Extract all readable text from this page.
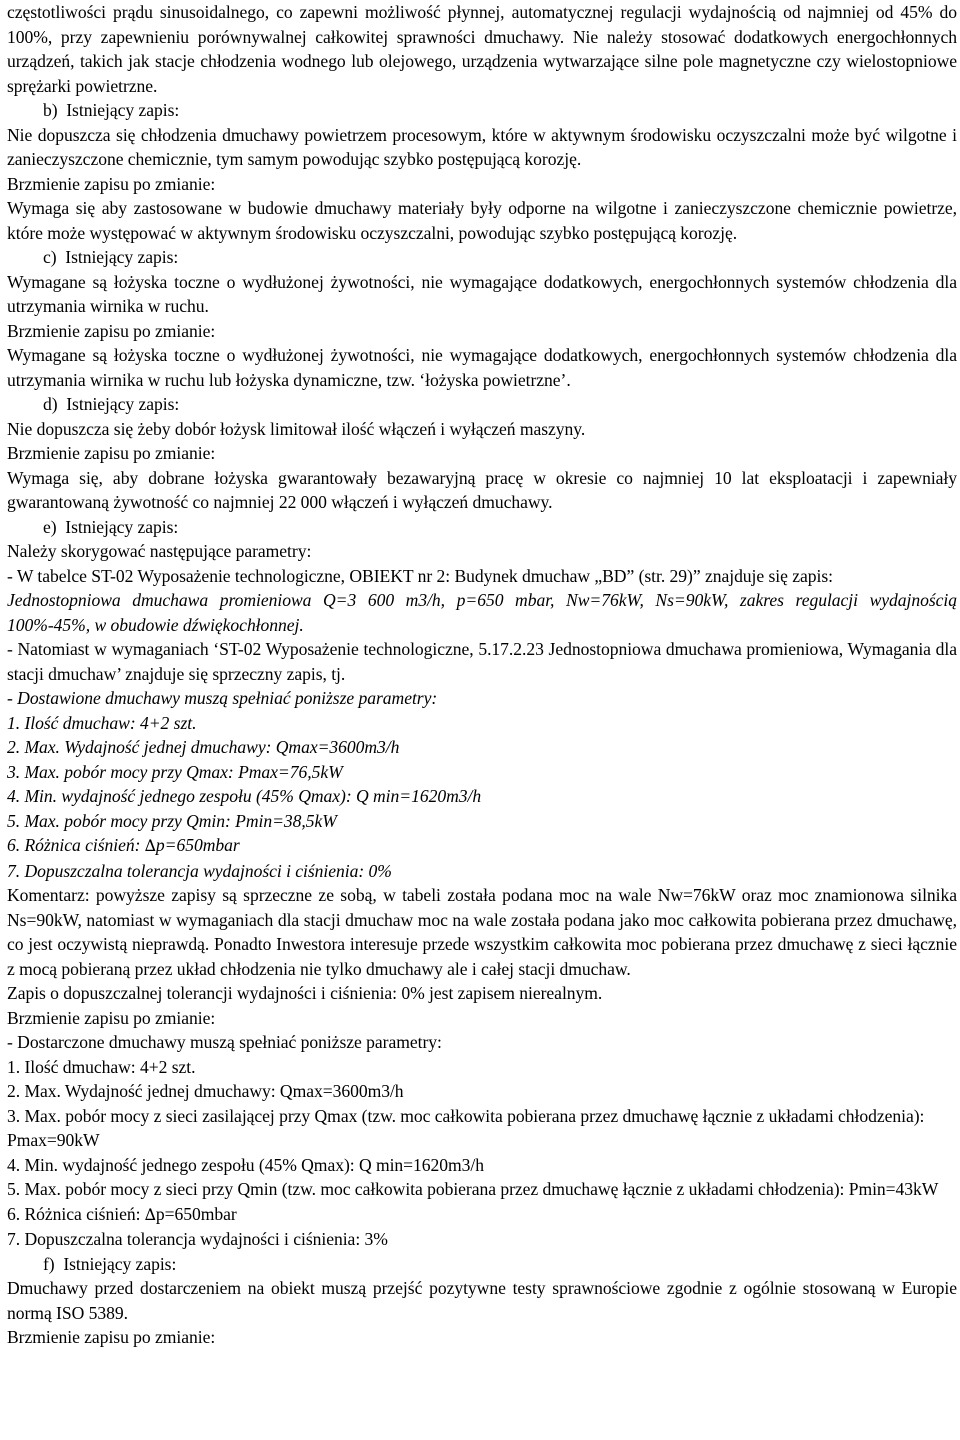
częstotliwości prądu sinusoidalnego, co zapewni możliwość płynnej, automatycznej regulacji wydajnością od najmniej od 45% do 100%, przy zapewnieniu porównywalnej całkowitej sprawności dmuchawy. Nie należy stosować dodatkowych energochłonnych urządzeń, takich jak stacje chłodzenia wodnego lub olejowego, urządzenia wytwarzające silne pole magnetyczne czy wielostopniowe sprężarki powietrzne.

b)  Istniejący zapis:

Nie dopuszcza się chłodzenia dmuchawy powietrzem procesowym, które w aktywnym środowisku oczyszczalni może być wilgotne i zanieczyszczone chemicznie, tym samym powodując szybko postępującą korozję.

Brzmienie zapisu po zmianie:

Wymaga się aby zastosowane w budowie dmuchawy materiały były odporne na wilgotne i zanieczyszczone chemicznie powietrze, które może występować w aktywnym środowisku oczyszczalni, powodując szybko postępującą korozję.

c)  Istniejący zapis:

Wymagane są łożyska toczne o wydłużonej żywotności, nie wymagające dodatkowych, energochłonnych systemów chłodzenia dla utrzymania wirnika w ruchu.

Brzmienie zapisu po zmianie:

Wymagane są łożyska toczne o wydłużonej żywotności, nie wymagające dodatkowych, energochłonnych systemów chłodzenia dla utrzymania wirnika w ruchu lub łożyska dynamiczne, tzw. ‘łożyska powietrzne’.

d)  Istniejący zapis:

Nie dopuszcza się żeby dobór łożysk limitował ilość włączeń i wyłączeń maszyny.

Brzmienie zapisu po zmianie:

Wymaga się, aby dobrane łożyska gwarantowały bezawaryjną pracę w okresie co najmniej 10 lat eksploatacji i zapewniały gwarantowaną żywotność co najmniej 22 000 włączeń i wyłączeń dmuchawy.

e)  Istniejący zapis:

Należy skorygować następujące parametry:

- W tabelce ST-02 Wyposażenie technologiczne, OBIEKT nr 2: Budynek dmuchaw „BD” (str. 29)” znajduje się zapis:

Jednostopniowa dmuchawa promieniowa Q=3 600 m3/h, p=650 mbar, Nw=76kW, Ns=90kW, zakres regulacji wydajnością 100%-45%, w obudowie dźwiękochłonnej.

- Natomiast w wymaganiach ‘ST-02 Wyposażenie technologiczne, 5.17.2.23 Jednostopniowa dmuchawa promieniowa, Wymagania dla stacji dmuchaw’ znajduje się sprzeczny zapis, tj.

- Dostawione dmuchawy muszą spełniać poniższe parametry:

1. Ilość dmuchaw: 4+2 szt.

2. Max. Wydajność jednej dmuchawy: Qmax=3600m3/h

3. Max. pobór mocy przy Qmax: Pmax=76,5kW

4. Min. wydajność jednego zespołu (45% Qmax): Q min=1620m3/h

5. Max. pobór mocy przy Qmin: Pmin=38,5kW

6. Różnica ciśnień: ∆p=650mbar

7. Dopuszczalna tolerancja wydajności i ciśnienia: 0%

Komentarz: powyższe zapisy są sprzeczne ze sobą, w tabeli została podana moc na wale Nw=76kW oraz moc znamionowa silnika Ns=90kW, natomiast w wymaganiach dla stacji dmuchaw moc na wale została podana jako moc całkowita pobierana przez dmuchawę, co jest oczywistą nieprawdą. Ponadto Inwestora interesuje przede wszystkim całkowita moc pobierana przez dmuchawę z sieci łącznie z mocą pobieraną przez układ chłodzenia nie tylko dmuchawy ale i całej stacji dmuchaw.

Zapis o dopuszczalnej tolerancji wydajności i ciśnienia: 0% jest zapisem nierealnym.

Brzmienie zapisu po zmianie:

- Dostarczone dmuchawy muszą spełniać poniższe parametry:

1. Ilość dmuchaw: 4+2 szt.

2. Max. Wydajność jednej dmuchawy: Qmax=3600m3/h

3. Max. pobór mocy z sieci zasilającej przy Qmax (tzw. moc całkowita pobierana przez dmuchawę łącznie z układami chłodzenia): Pmax=90kW

4. Min. wydajność jednego zespołu (45% Qmax): Q min=1620m3/h

5. Max. pobór mocy z sieci przy Qmin (tzw. moc całkowita pobierana przez dmuchawę łącznie z układami chłodzenia): Pmin=43kW

6. Różnica ciśnień: ∆p=650mbar

7. Dopuszczalna tolerancja wydajności i ciśnienia: 3%

f)  Istniejący zapis:

Dmuchawy przed dostarczeniem na obiekt muszą przejść pozytywne testy sprawnościowe zgodnie z ogólnie stosowaną w Europie normą ISO 5389.

Brzmienie zapisu po zmianie:
